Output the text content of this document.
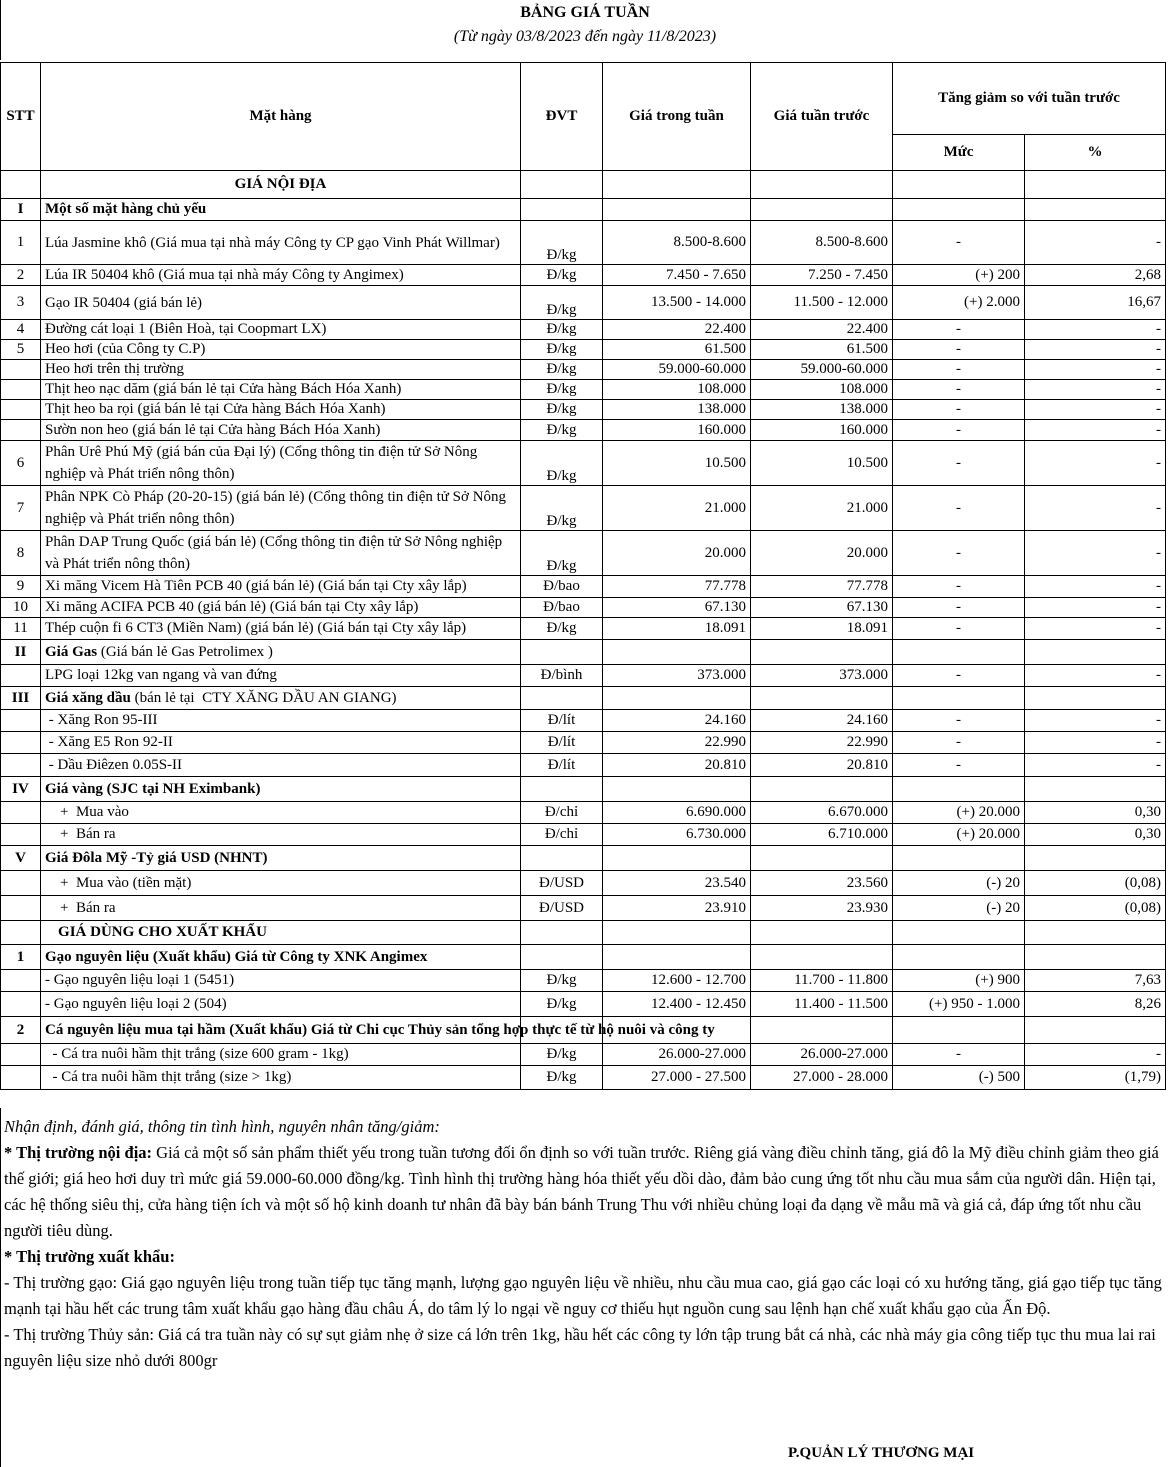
BẢNG GIÁ TUẦN
(Từ ngày 03/8/2023 đến ngày 11/8/2023)
STT	Mặt hàng	ĐVT	Giá trong tuần	Giá tuần trước	Tăng giảm so với tuần trước	
					Mức	%
	GIÁ NỘI ĐỊA					
I	Một số mặt hàng chủ yếu					
1	Lúa Jasmine khô (Giá mua tại nhà máy Công ty CP gạo Vinh Phát Willmar)	Đ/kg	8.500-8.600	8.500-8.600	-	-
2	Lúa IR 50404 khô (Giá mua tại nhà máy Công ty Angimex)	Đ/kg	7.450 - 7.650	7.250 - 7.450	(+) 200	2,68
3	Gạo IR 50404 (giá bán lẻ)	Đ/kg	13.500 - 14.000	11.500 - 12.000	(+) 2.000	16,67
4	Đường cát loại 1 (Biên Hoà, tại Coopmart LX)	Đ/kg	22.400	22.400	-	-
5	Heo hơi (của Công ty C.P)	Đ/kg	61.500	61.500	-	-
	Heo hơi trên thị trường	Đ/kg	59.000-60.000	59.000-60.000	-	-
	Thịt heo nạc dăm (giá bán lẻ tại Cửa hàng Bách Hóa Xanh)	Đ/kg	108.000	108.000	-	-
	Thịt heo ba rọi (giá bán lẻ tại Cửa hàng Bách Hóa Xanh)	Đ/kg	138.000	138.000	-	-
	Sườn non heo (giá bán lẻ tại Cửa hàng Bách Hóa Xanh)	Đ/kg	160.000	160.000	-	-
6	Phân Urê Phú Mỹ (giá bán của Đại lý) (Cổng thông tin điện tử Sở Nông nghiệp và Phát triển nông thôn)	Đ/kg	10.500	10.500	-	-
7	Phân NPK Cò Pháp (20-20-15) (giá bán lẻ) (Cổng thông tin điện tử Sở Nông nghiệp và Phát triển nông thôn)	Đ/kg	21.000	21.000	-	-
8	Phân DAP Trung Quốc (giá bán lẻ) (Cổng thông tin điện tử Sở Nông nghiệp và Phát triển nông thôn)	Đ/kg	20.000	20.000	-	-
9	Xi măng Vicem Hà Tiên PCB 40 (giá bán lẻ) (Giá bán tại Cty xây lắp)	Đ/bao	77.778	77.778	-	-
10	Xi măng ACIFA PCB 40 (giá bán lẻ) (Giá bán tại Cty xây lắp)	Đ/bao	67.130	67.130	-	-
11	Thép cuộn fi 6 CT3 (Miền Nam) (giá bán lẻ) (Giá bán tại Cty xây lắp)	Đ/kg	18.091	18.091	-	-
II	Giá Gas (Giá bán lẻ Gas Petrolimex )					
	LPG loại 12kg van ngang và van đứng	Đ/bình	373.000	373.000	-	-
III	Giá xăng dầu (bán lẻ tại  CTY XĂNG DẦU AN GIANG)					
	- Xăng Ron 95-III	Đ/lít	24.160	24.160	-	-
	- Xăng E5 Ron 92-II	Đ/lít	22.990	22.990	-	-
	- Dầu Điêzen 0.05S-II	Đ/lít	20.810	20.810	-	-
IV	Giá vàng (SJC tại NH Eximbank)					
	+  Mua vào	Đ/chỉ	6.690.000	6.670.000	(+) 20.000	0,30
	+  Bán ra	Đ/chỉ	6.730.000	6.710.000	(+) 20.000	0,30
V	Giá Đôla Mỹ -Tỷ giá USD (NHNT)					
	+  Mua vào (tiền mặt)	Đ/USD	23.540	23.560	(-) 20	(0,08)
	+  Bán ra	Đ/USD	23.910	23.930	(-) 20	(0,08)
	GIÁ DÙNG CHO XUẤT KHẨU					
1	Gạo nguyên liệu (Xuất khẩu) Giá từ Công ty XNK Angimex					
	- Gạo nguyên liệu loại 1 (5451)	Đ/kg	12.600 - 12.700	11.700 - 11.800	(+) 900	7,63
	- Gạo nguyên liệu loại 2 (504)	Đ/kg	12.400 - 12.450	11.400 - 11.500	(+) 950 - 1.000	8,26
2	Cá nguyên liệu mua tại hầm (Xuất khẩu) Giá từ Chi cục Thủy sản tổng hợp thực tế từ hộ nuôi và công ty					
	- Cá tra nuôi hầm thịt trắng (size 600 gram - 1kg)	Đ/kg	26.000-27.000	26.000-27.000	-	-
	- Cá tra nuôi hầm thịt trắng (size > 1kg)	Đ/kg	27.000 - 27.500	27.000 - 28.000	(-) 500	(1,79)

Nhận định, đánh giá, thông tin tình hình, nguyên nhân tăng/giảm:

* Thị trường nội địa: Giá cả một số sản phẩm thiết yếu trong tuần tương đối ổn định so với tuần trước. Riêng giá vàng điều chỉnh tăng, giá đô la Mỹ điều chỉnh giảm theo giá thế giới; giá heo hơi duy trì mức giá 59.000-60.000 đồng/kg. Tình hình thị trường hàng hóa thiết yếu dồi dào, đảm bảo cung ứng tốt nhu cầu mua sắm của người dân. Hiện tại, các hệ thống siêu thị, cửa hàng tiện ích và một số hộ kinh doanh tư nhân đã bày bán bánh Trung Thu với nhiều chủng loại đa dạng về mẫu mã và giá cả, đáp ứng tốt nhu cầu người tiêu dùng.

* Thị trường xuất khẩu:

- Thị trường gạo: Giá gạo nguyên liệu trong tuần tiếp tục tăng mạnh, lượng gạo nguyên liệu về nhiều, nhu cầu mua cao, giá gạo các loại có xu hướng tăng, giá gạo tiếp tục tăng mạnh tại hầu hết các trung tâm xuất khẩu gạo hàng đầu châu Á, do tâm lý lo ngại về nguy cơ thiếu hụt nguồn cung sau lệnh hạn chế xuất khẩu gạo của Ấn Độ.

- Thị trường Thủy sản: Giá cá tra tuần này có sự sụt giảm nhẹ ở size cá lớn trên 1kg, hầu hết các công ty lớn tập trung bắt cá nhà, các nhà máy gia công tiếp tục thu mua lai rai nguyên liệu size nhỏ dưới 800gr

P.QUẢN LÝ THƯƠNG MẠI
